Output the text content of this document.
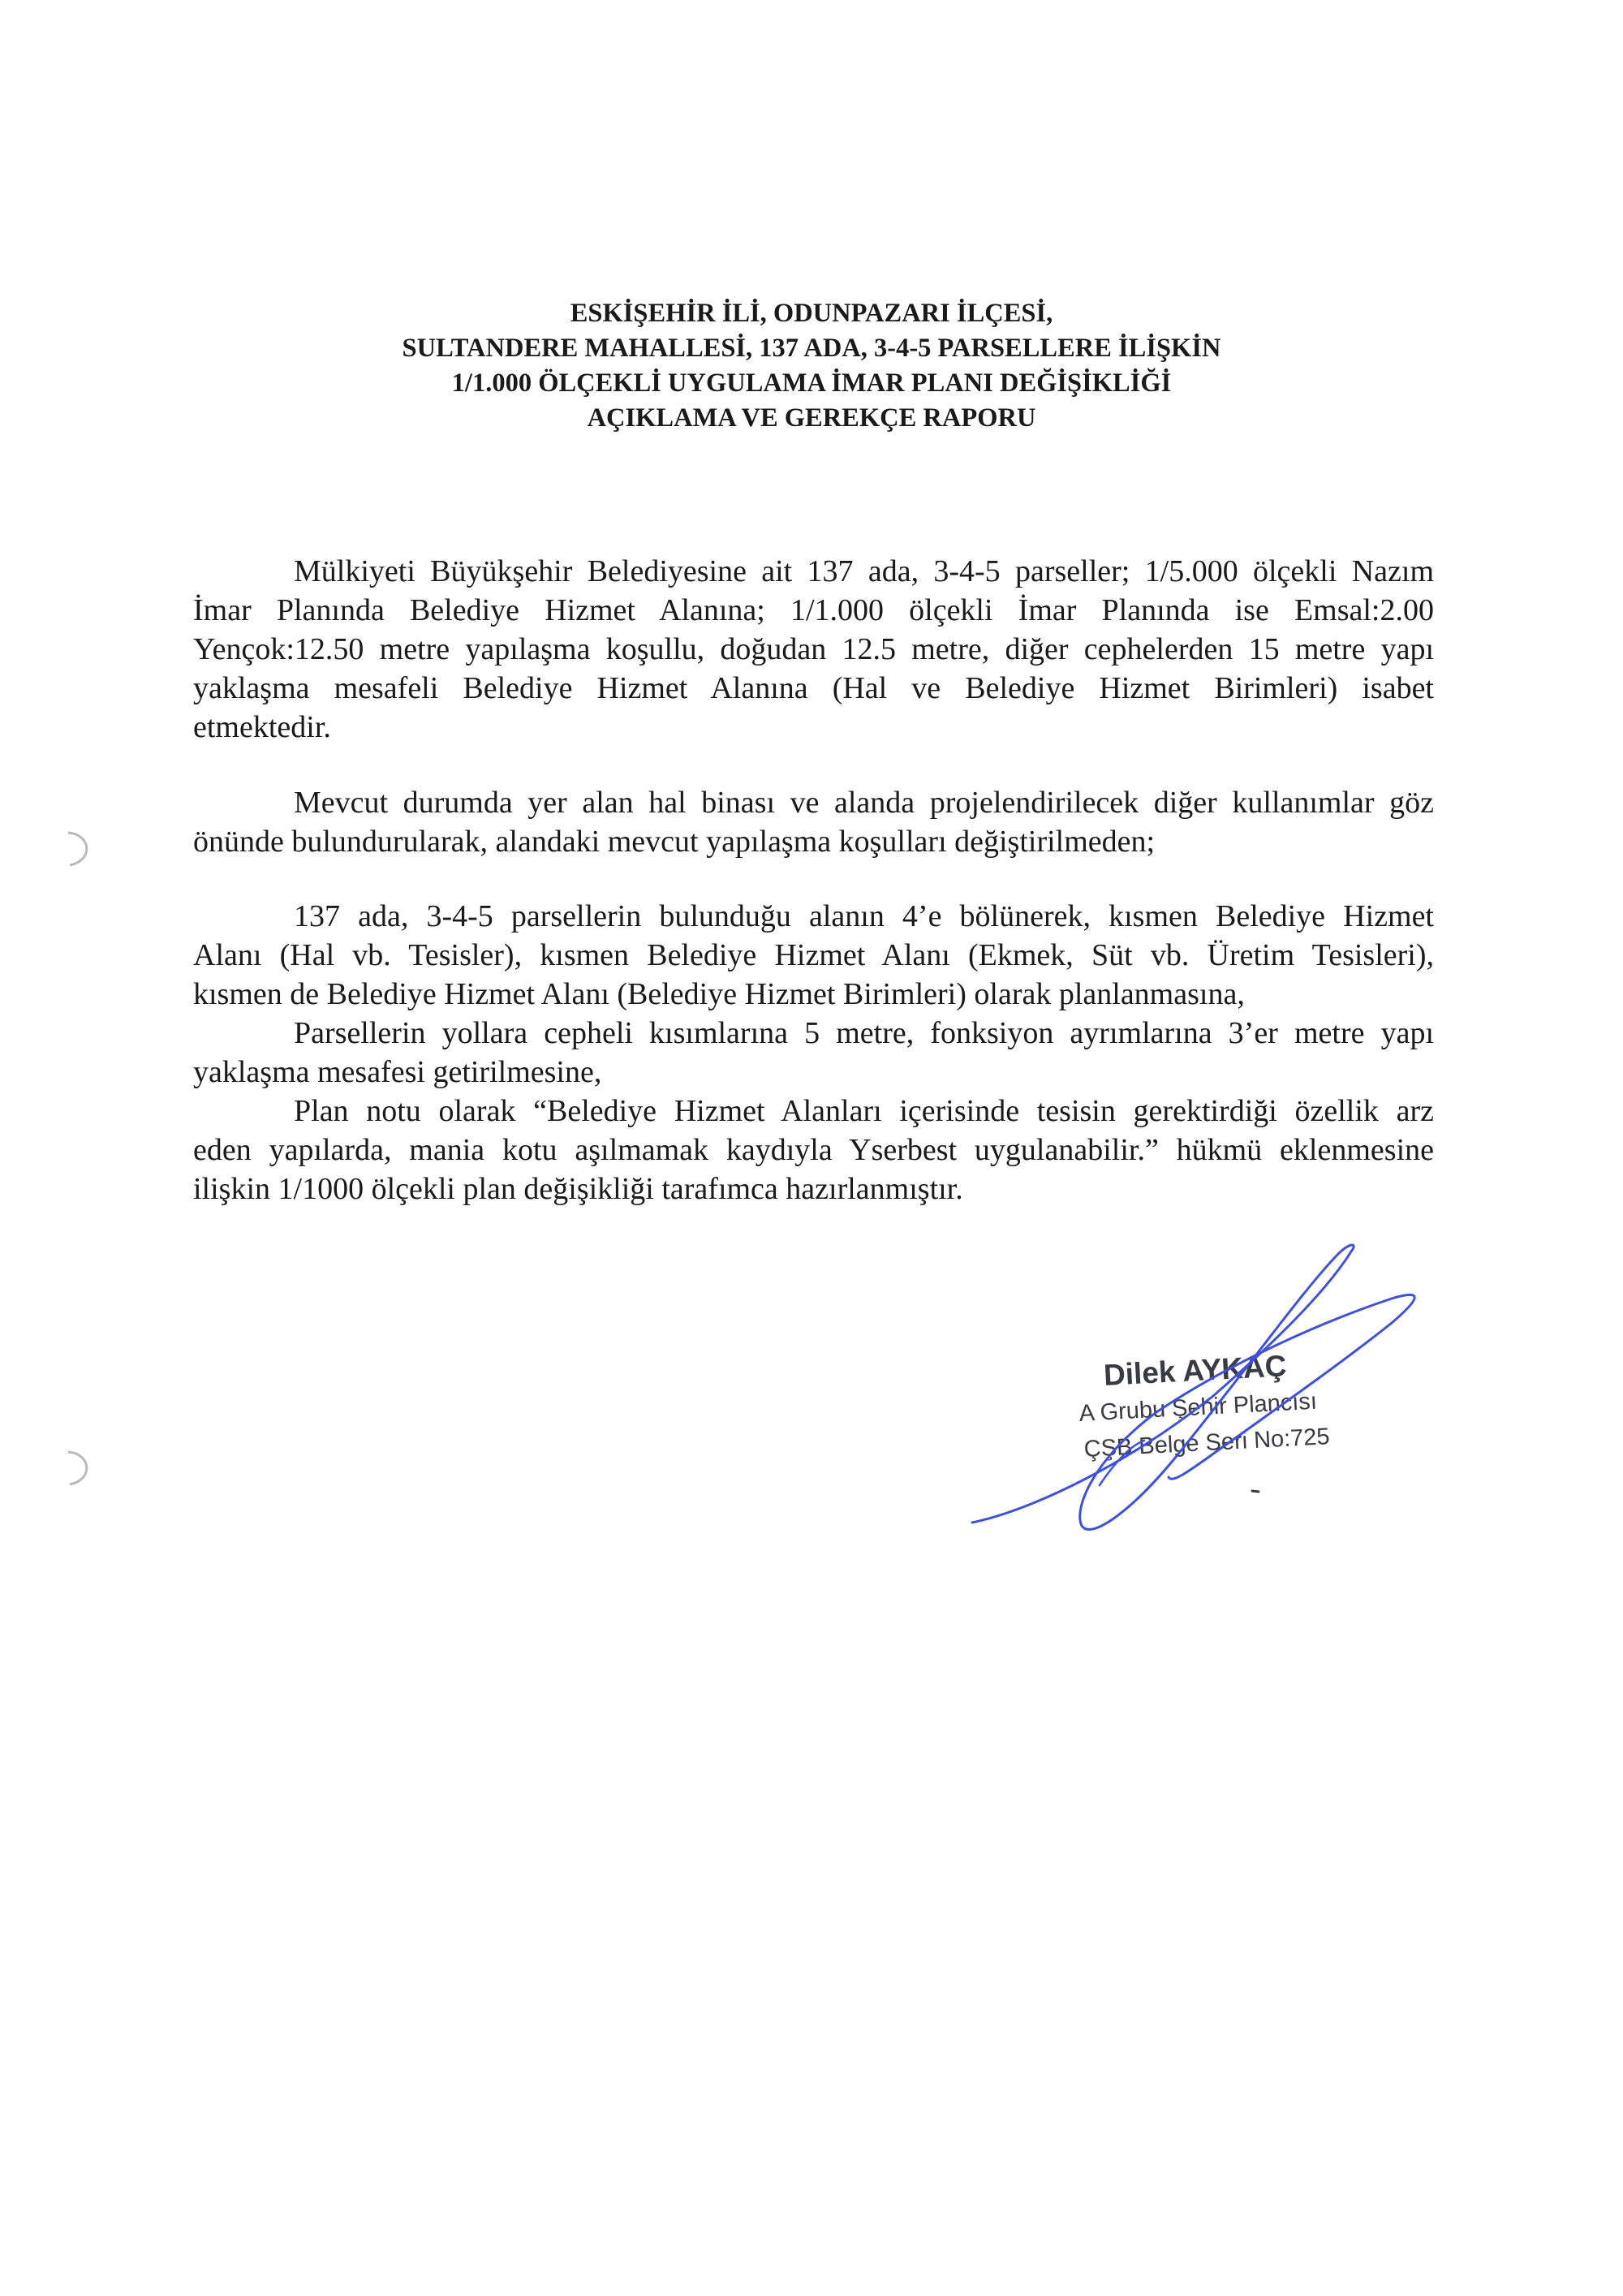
ESKİŞEHİR İLİ, ODUNPAZARI İLÇESİ,
SULTANDERE MAHALLESİ, 137 ADA, 3-4-5 PARSELLERE İLİŞKİN
1/1.000 ÖLÇEKLİ UYGULAMA İMAR PLANI DEĞİŞİKLİĞİ
AÇIKLAMA VE GEREKÇE RAPORU
Mülkiyeti Büyükşehir Belediyesine ait 137 ada, 3-4-5 parseller; 1/5.000 ölçekli Nazım
İmar Planında Belediye Hizmet Alanına; 1/1.000 ölçekli İmar Planında ise Emsal:2.00
Yençok:12.50 metre yapılaşma koşullu, doğudan 12.5 metre, diğer cephelerden 15 metre yapı
yaklaşma mesafeli Belediye Hizmet Alanına (Hal ve Belediye Hizmet Birimleri) isabet
etmektedir.
Mevcut durumda yer alan hal binası ve alanda projelendirilecek diğer kullanımlar göz
önünde bulundurularak, alandaki mevcut yapılaşma koşulları değiştirilmeden;
137 ada, 3-4-5 parsellerin bulunduğu alanın 4’e bölünerek, kısmen Belediye Hizmet
Alanı (Hal vb. Tesisler), kısmen Belediye Hizmet Alanı (Ekmek, Süt vb. Üretim Tesisleri),
kısmen de Belediye Hizmet Alanı (Belediye Hizmet Birimleri) olarak planlanmasına,
Parsellerin yollara cepheli kısımlarına 5 metre, fonksiyon ayrımlarına 3’er metre yapı
yaklaşma mesafesi getirilmesine,
Plan notu olarak “Belediye Hizmet Alanları içerisinde tesisin gerektirdiği özellik arz
eden yapılarda, mania kotu aşılmamak kaydıyla Yserbest uygulanabilir.” hükmü eklenmesine
ilişkin 1/1000 ölçekli plan değişikliği tarafımca hazırlanmıştır.
Dilek AYKAÇ
A Grubu Şehir Plancısı
ÇŞB Belge Seri No:725
